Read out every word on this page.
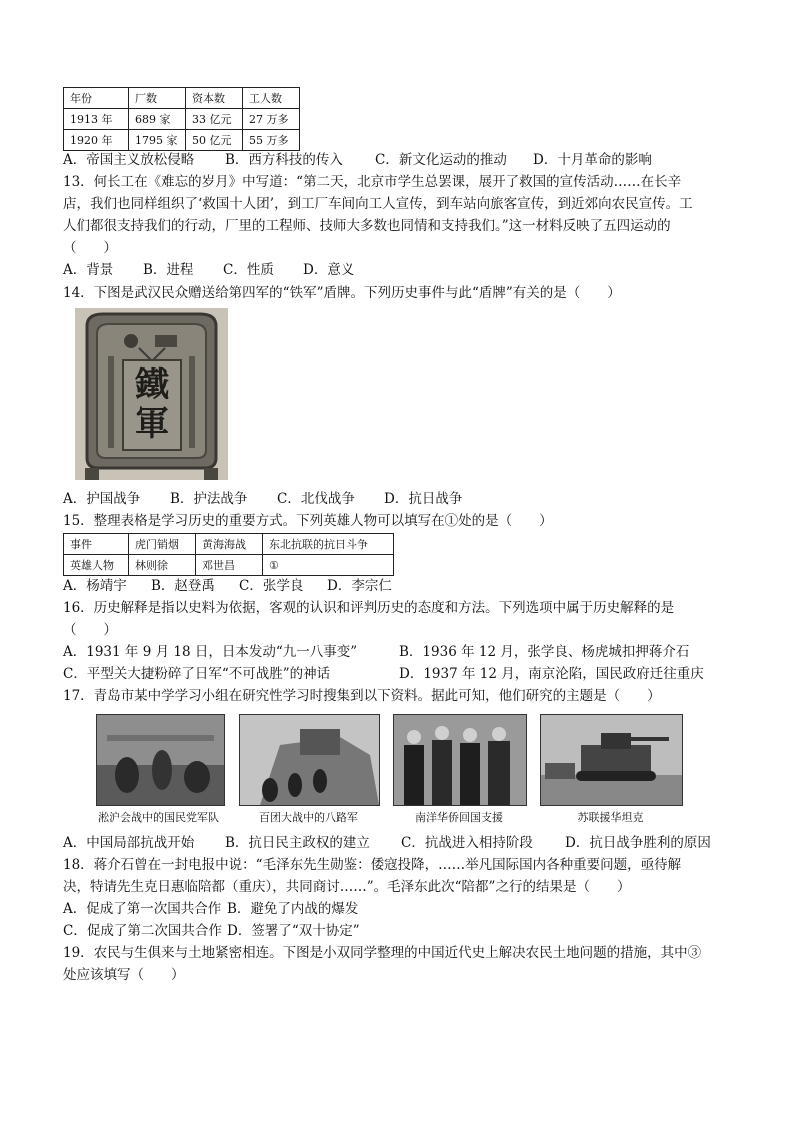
年份	厂数	资本数	工人数
1913 年	689 家	33 亿元	27 万多
1920 年	1795 家	50 亿元	55 万多
A．帝国主义放松侵略 B．西方科技的传入 C．新文化运动的推动 D．十月革命的影响
13．何长工在《难忘的岁月》中写道：“第二天，北京市学生总罢课，展开了救国的宣传活动……在长辛
店，我们也同样组织了‘救国十人团’，到工厂车间向工人宣传，到车站向旅客宣传，到近郊向农民宣传。工
人们都很支持我们的行动，厂里的工程师、技师大多数也同情和支持我们。”这一材料反映了五四运动的
（　　）
A．背景 B．进程 C．性质 D．意义
14．下图是武汉民众赠送给第四军的“铁军”盾牌。下列历史事件与此“盾牌”有关的是（　　）
鐵
軍
A．护国战争 B．护法战争 C．北伐战争 D．抗日战争
15．整理表格是学习历史的重要方式。下列英雄人物可以填写在①处的是（　　）
事件	虎门销烟	黄海海战	东北抗联的抗日斗争
英雄人物	林则徐	邓世昌	①
A．杨靖宇 B．赵登禹 C．张学良 D．李宗仁
16．历史解释是指以史料为依据，客观的认识和评判历史的态度和方法。下列选项中属于历史解释的是
（　　）
A．1931 年 9 月 18 日，日本发动“九一八事变”	B．1936 年 12 月，张学良、杨虎城扣押蒋介石
C．平型关大捷粉碎了日军“不可战胜”的神话	D．1937 年 12 月，南京沦陷，国民政府迁往重庆
17．青岛市某中学学习小组在研究性学习时搜集到以下资料。据此可知，他们研究的主题是（　　）
淞沪会战中的国民党军队	百团大战中的八路军	南洋华侨回国支援	苏联援华坦克
A．中国局部抗战开始 B．抗日民主政权的建立 C．抗战进入相持阶段 D．抗日战争胜利的原因
18．蒋介石曾在一封电报中说：“毛泽东先生勋鉴：倭寇投降，……举凡国际国内各种重要问题，亟待解
决，特请先生克日惠临陪都（重庆），共同商讨……”。毛泽东此次“陪都”之行的结果是（　　）
A．促成了第一次国共合作 B．避免了内战的爆发
C．促成了第二次国共合作 D．签署了“双十协定”
19．农民与生俱来与土地紧密相连。下图是小双同学整理的中国近代史上解决农民土地问题的措施，其中③
处应该填写（　　）
